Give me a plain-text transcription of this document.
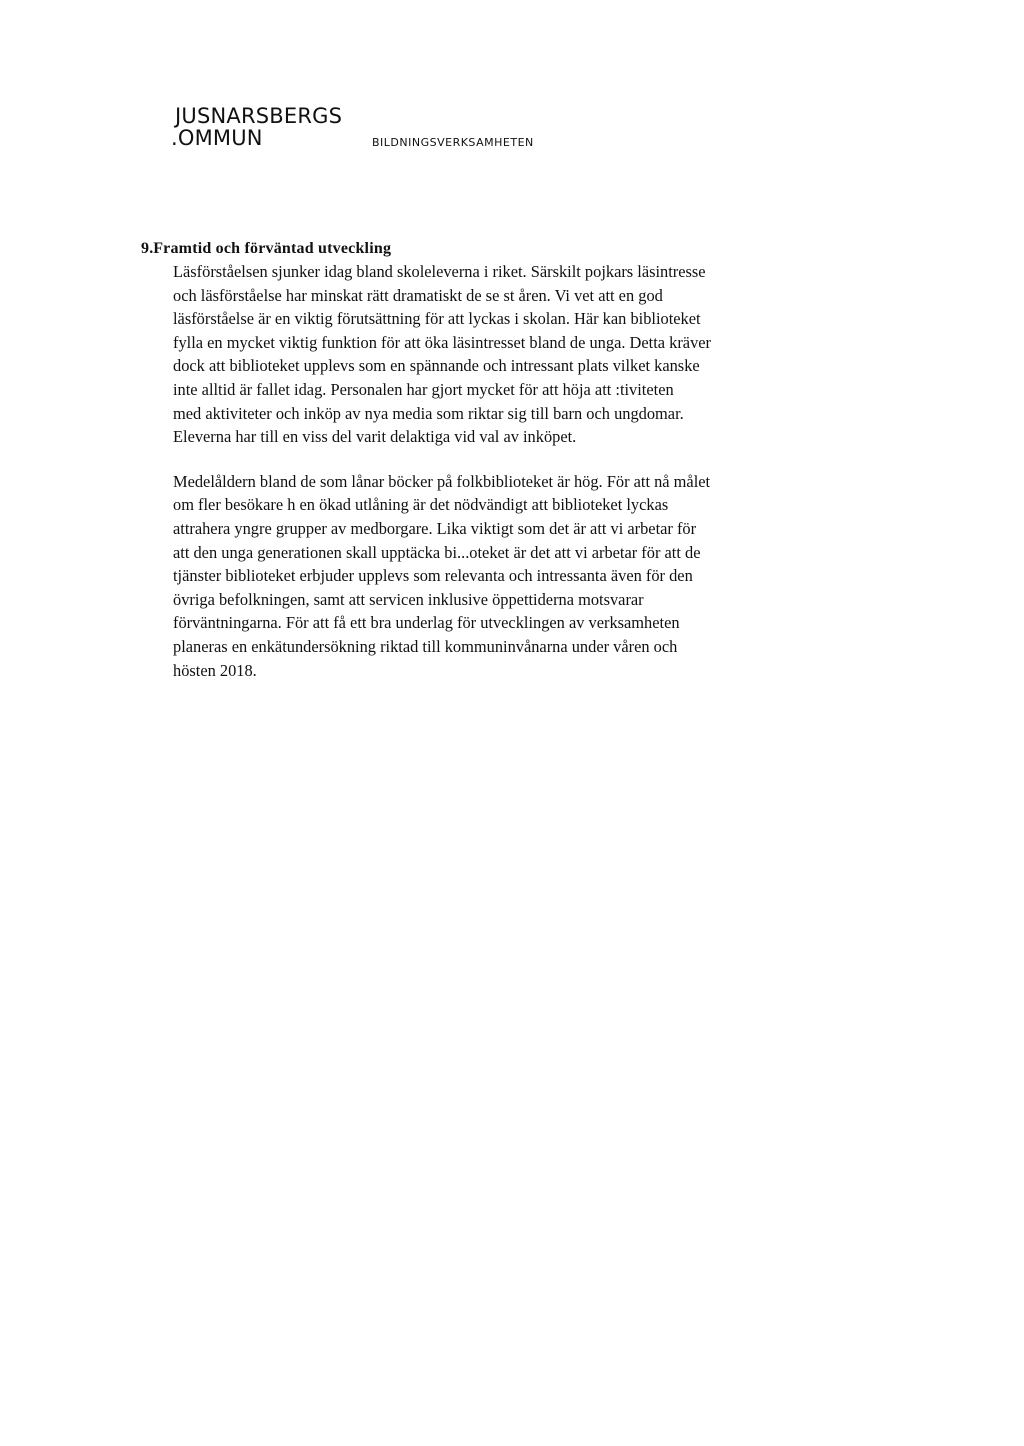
JUSNARSBERGS
.OMMUN	BILDNINGSVERKSAMHETEN

9. Framtid och förväntad utveckling

Läsförståelsen sjunker idag bland skoleleverna i riket. Särskilt pojkars läsintresse
och läsförståelse har minskat rätt dramatiskt de se st åren. Vi vet att en god
läsförståelse är en viktig förutsättning för att lyckas i skolan. Här kan biblioteket
fylla en mycket viktig funktion för att öka läsintresset bland de unga. Detta kräver
dock att biblioteket upplevs som en spännande och intressant plats vilket kanske
inte alltid är fallet idag. Personalen har gjort mycket för att höja att :tiviteten
med aktiviteter och inköp av nya media som riktar sig till barn och ungdomar.
Eleverna har till en viss del varit delaktiga vid val av inköpet.

Medelåldern bland de som lånar böcker på folkbiblioteket är hög. För att nå målet
om fler besökare h en ökad utlåning är det nödvändigt att biblioteket lyckas
attrahera yngre grupper av medborgare. Lika viktigt som det är att vi arbetar för
att den unga generationen skall upptäcka bi...oteket är det att vi arbetar för att de
tjänster biblioteket erbjuder upplevs som relevanta och intressanta även för den
övriga befolkningen, samt att servicen inklusive öppettiderna motsvarar
förväntningarna. För att få ett bra underlag för utvecklingen av verksamheten
planeras en enkätundersökning riktad till kommuninvånarna under våren och
hösten 2018.
